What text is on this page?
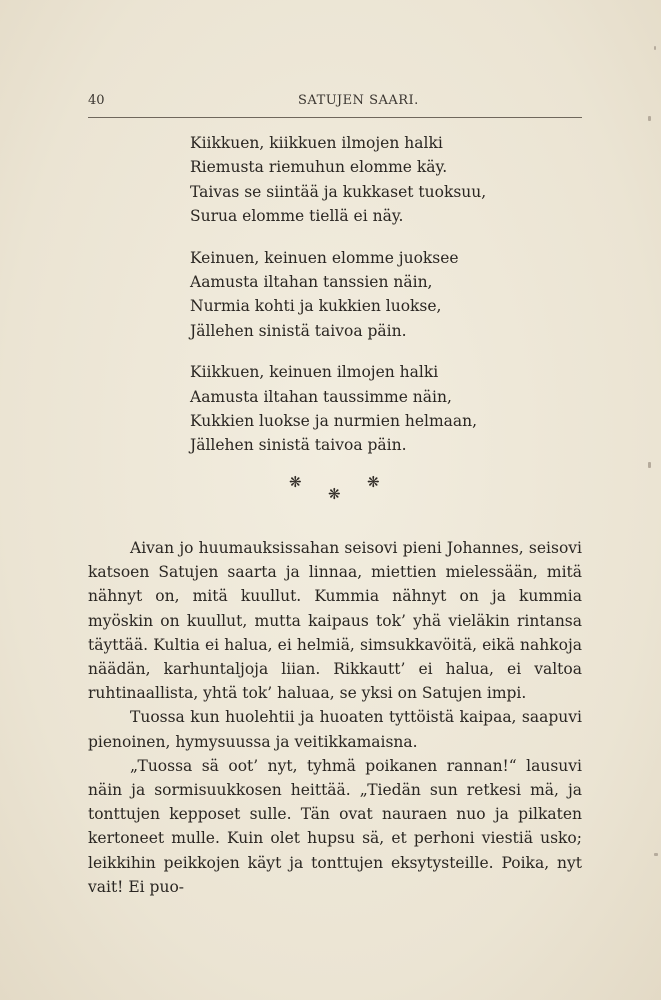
40	SATUJEN SAARI.
Kiikkuen, kiikkuen ilmojen halki
Riemusta riemuhun elomme käy.
Taivas se siintää ja kukkaset tuoksuu,
Surua elomme tiellä ei näy.
Keinuen, keinuen elomme juoksee
Aamusta iltahan tanssien näin,
Nurmia kohti ja kukkien luokse,
Jällehen sinistä taivoa päin.
Kiikkuen, keinuen ilmojen halki
Aamusta iltahan taussimme näin,
Kukkien luokse ja nurmien helmaan,
Jällehen sinistä taivoa päin.
❋	❋
❋

Aivan jo huumauksissahan seisovi pieni Johannes, seisovi katsoen Satujen saarta ja linnaa, miettien mielessään, mitä nähnyt on, mitä kuullut. Kummia nähnyt on ja kummia myöskin on kuullut, mutta kaipaus tok’ yhä vieläkin rintansa täyttää. Kultia ei halua, ei helmiä, simsukkavöitä, eikä nahkoja näädän, karhuntaljoja liian. Rikkautt’ ei halua, ei valtoa ruhtinaallista, yhtä tok’ haluaa, se yksi on Satujen impi.

Tuossa kun huolehtii ja huoaten tyttöistä kaipaa, saapuvi pienoinen, hymysuussa ja veitikkamaisna.

„Tuossa sä oot’ nyt, tyhmä poikanen rannan!“ lausuvi näin ja sormisuukkosen heittää. „Tiedän sun retkesi mä, ja tonttujen kepposet sulle. Tän ovat nauraen nuo ja pilkaten kertoneet mulle. Kuin olet hupsu sä, et perhoni viestiä usko; leikkihin peikkojen käyt ja tonttujen eksytysteille. Poika, nyt vait! Ei puo-
